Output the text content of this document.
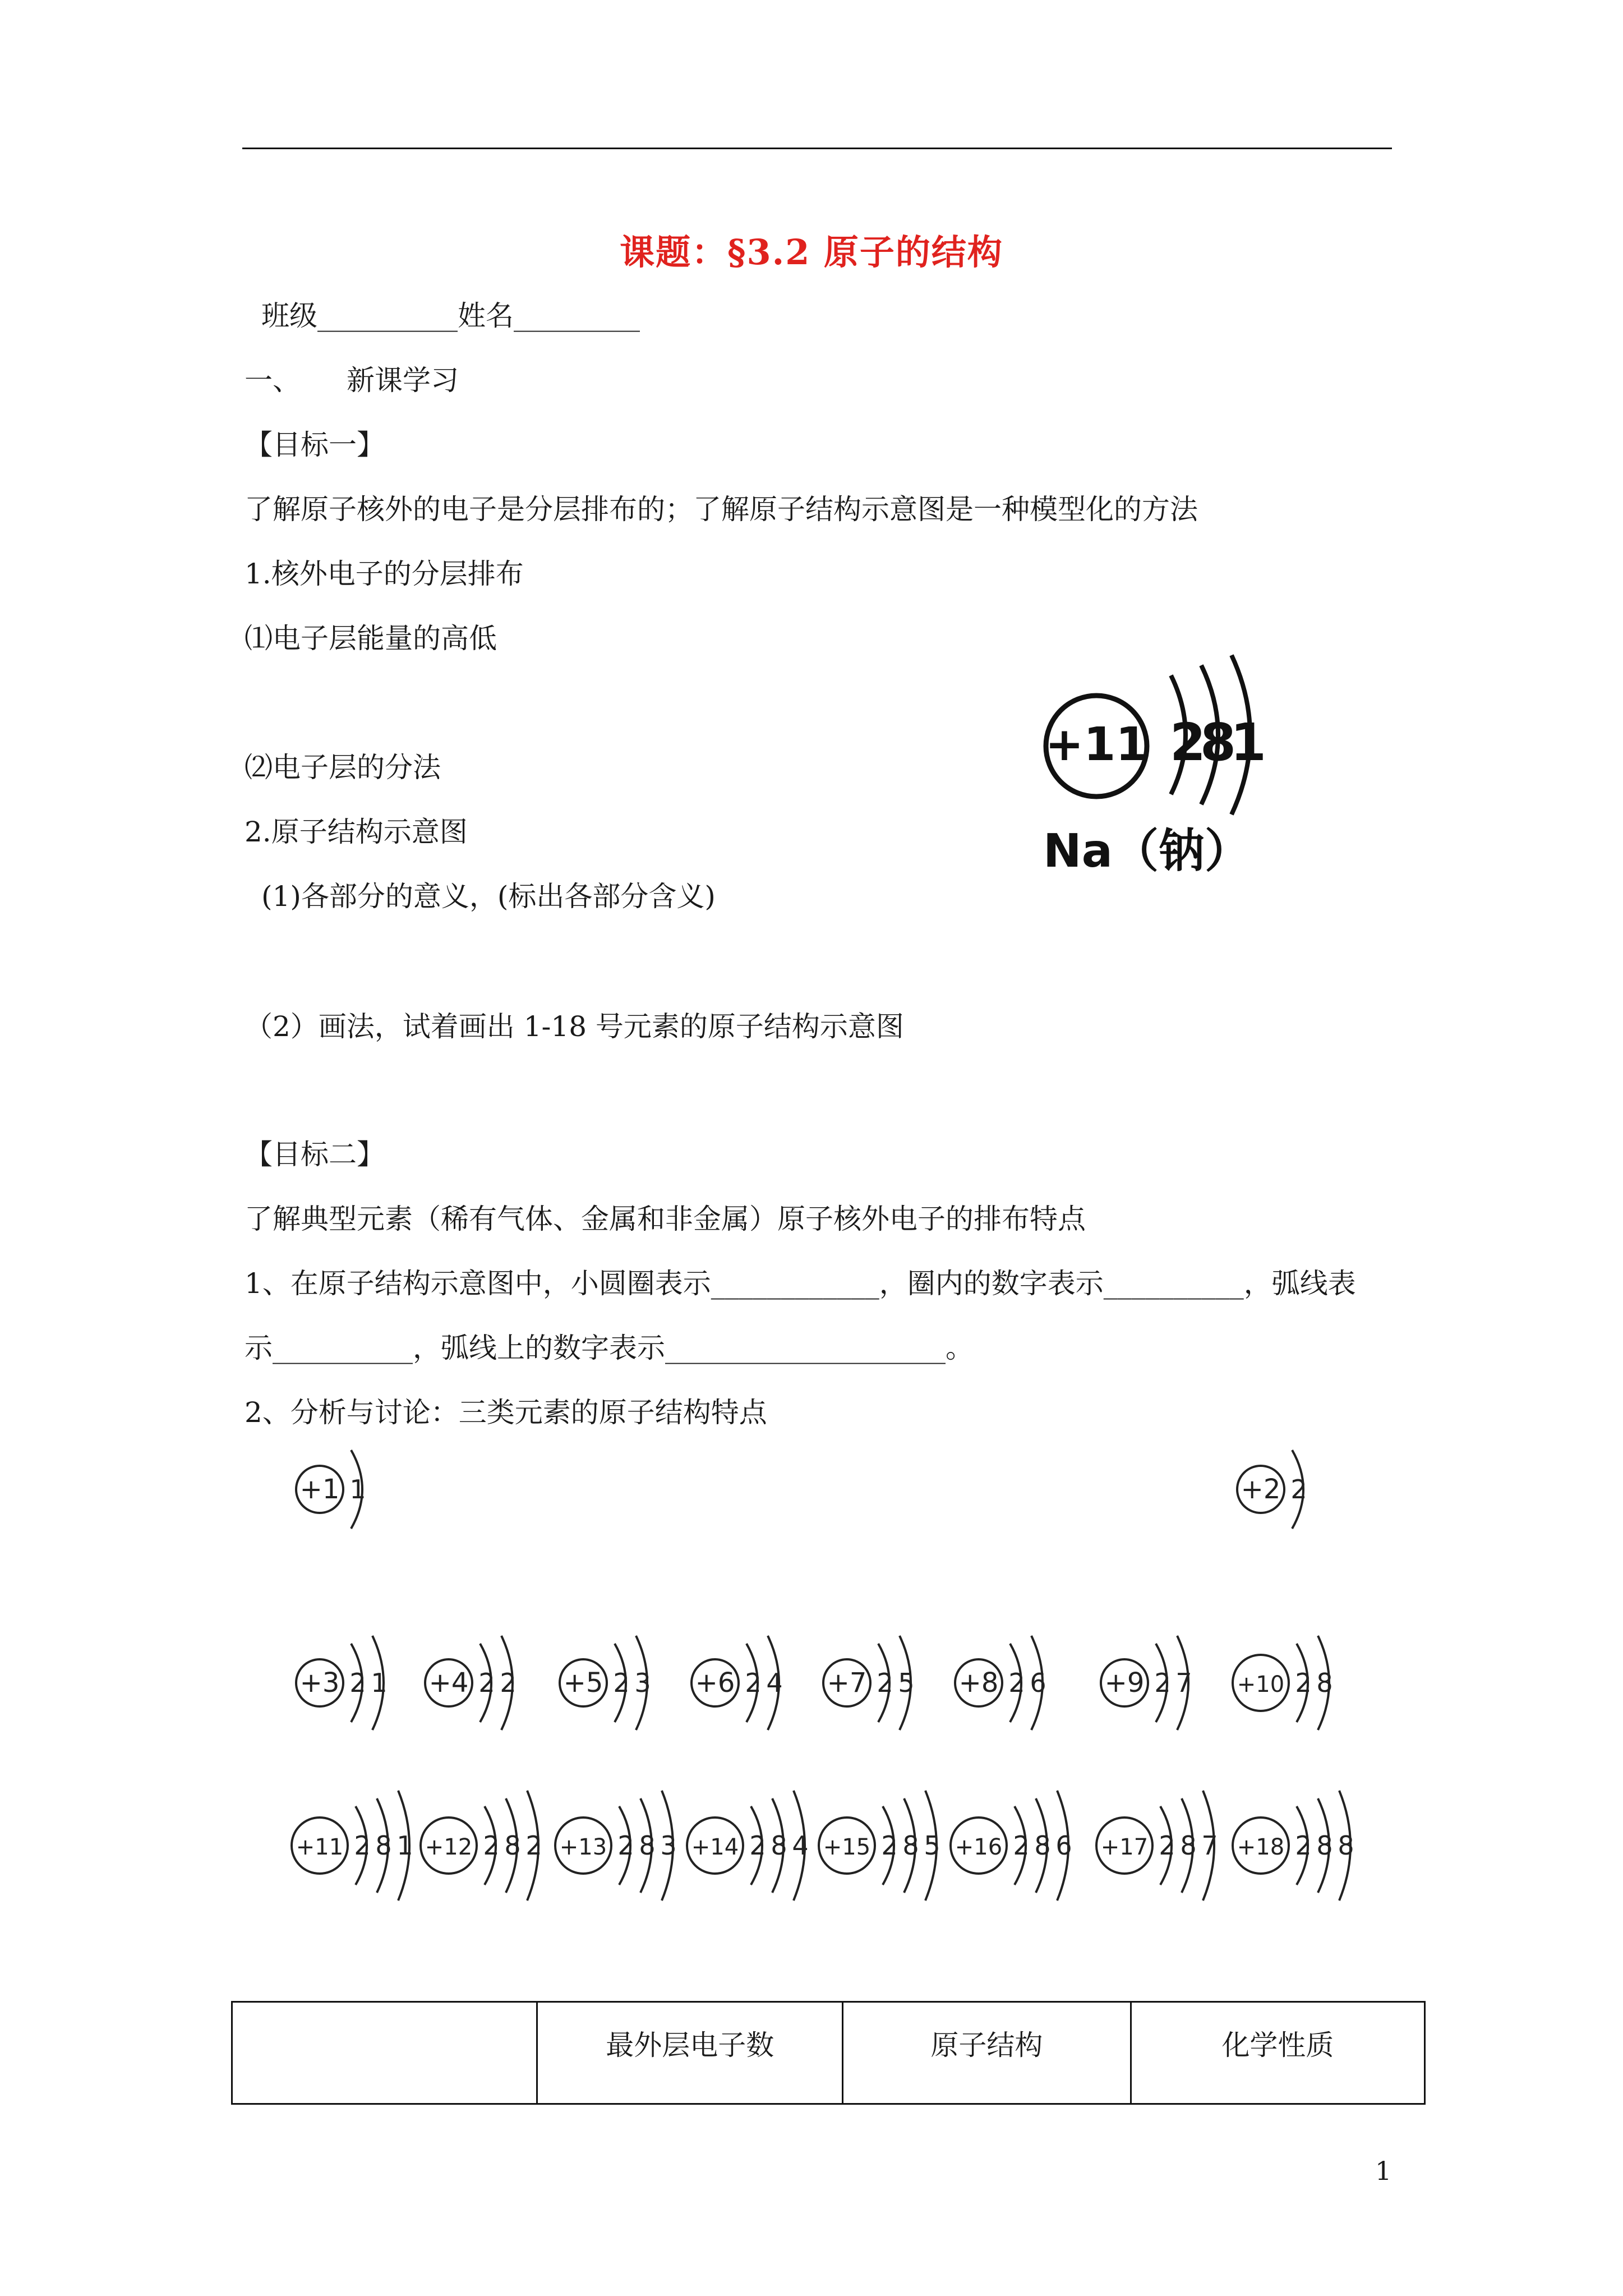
课题：§3.2 原子的结构
班级__________姓名_________
一、 新课学习
【目标一】
了解原子核外的电子是分层排布的；了解原子结构示意图是一种模型化的方法
1.核外电子的分层排布
⑴电子层能量的高低
⑵电子层的分法
2.原子结构示意图
(1)各部分的意义，(标出各部分含义)
（2）画法，试着画出 1-18 号元素的原子结构示意图
+11 2
8
1
Na（钠）
【目标二】
了解典型元素（稀有气体、金属和非金属）原子核外电子的排布特点
1、在原子结构示意图中，小圆圈表示____________，圈内的数字表示__________，弧线表
示__________，弧线上的数字表示____________________。
2、分析与讨论：三类元素的原子结构特点
+1 1	+2 2
+3 2 1 +4 2 2 +5 2 3 +6 2 4 +7 2 5 +8 2 6 +9 2 7 +10 2 8
+11 2 8 1 +12 2 8 2 +13 2 8 3 +14 2 8 4 +15 2 8 5 +16 2 8 6 +17 2 8 7 +18 2 8 8
	最外层电子数	原子结构	化学性质
1
